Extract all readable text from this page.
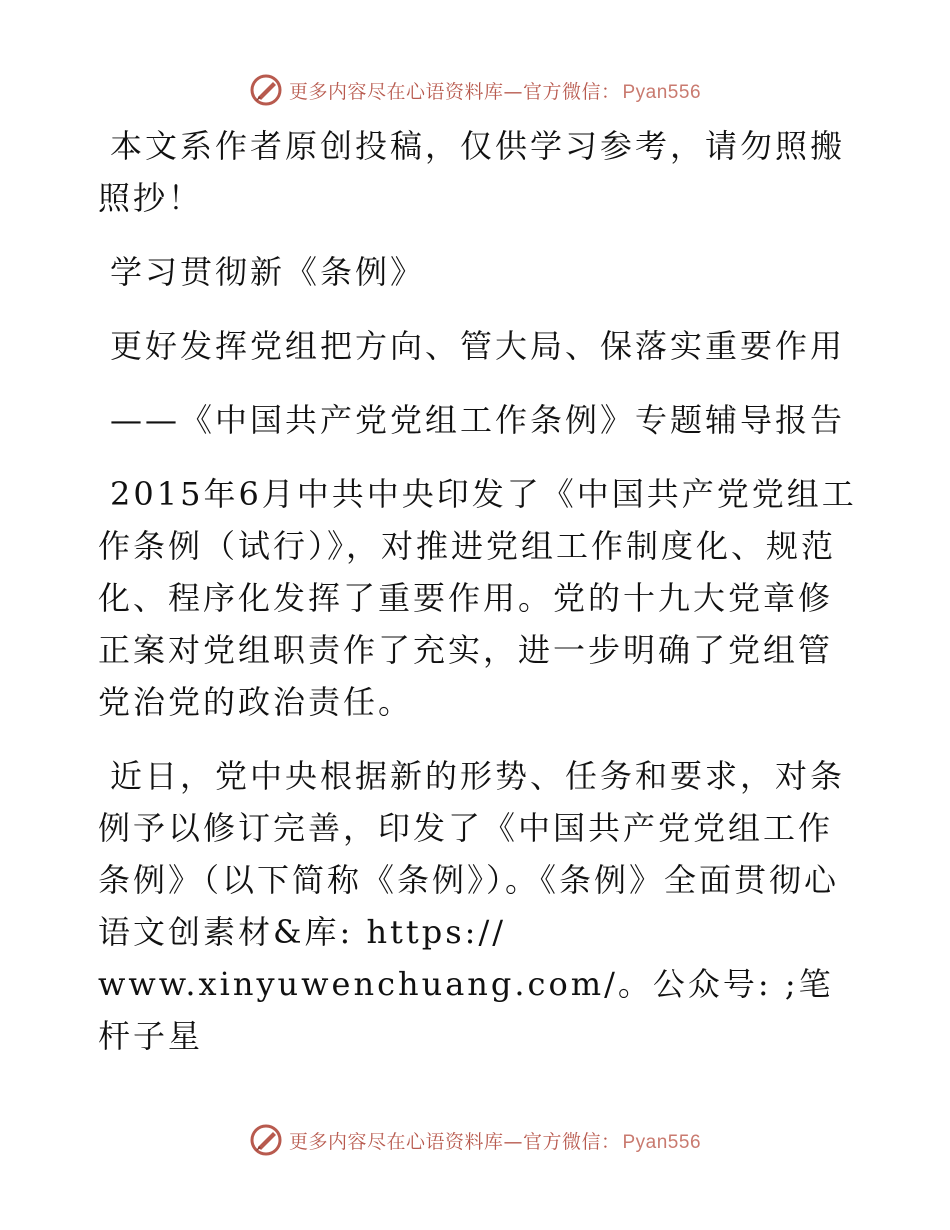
更多内容尽在心语资料库—官方微信： Pyan556

本文系作者原创投稿，仅供学习参考，请勿照搬照抄！

学习贯彻新《条例》

更好发挥党组把方向、管大局、保落实重要作用

——《中国共产党党组工作条例》专题辅导报告

2015年6月中共中央印发了《中国共产党党组工作条例（试行）》，对推进党组工作制度化、规范化、程序化发挥了重要作用。党的十九大党章修正案对党组职责作了充实，进一步明确了党组管党治党的政治责任。

近日，党中央根据新的形势、任务和要求，对条例予以修订完善，印发了《中国共产党党组工作条例》（以下简称《条例》）。《条例》全面贯彻心语文创素材&库: https://

www.xinyuwenchuang.com/。公众号: ;笔杆子星

更多内容尽在心语资料库—官方微信： Pyan556
